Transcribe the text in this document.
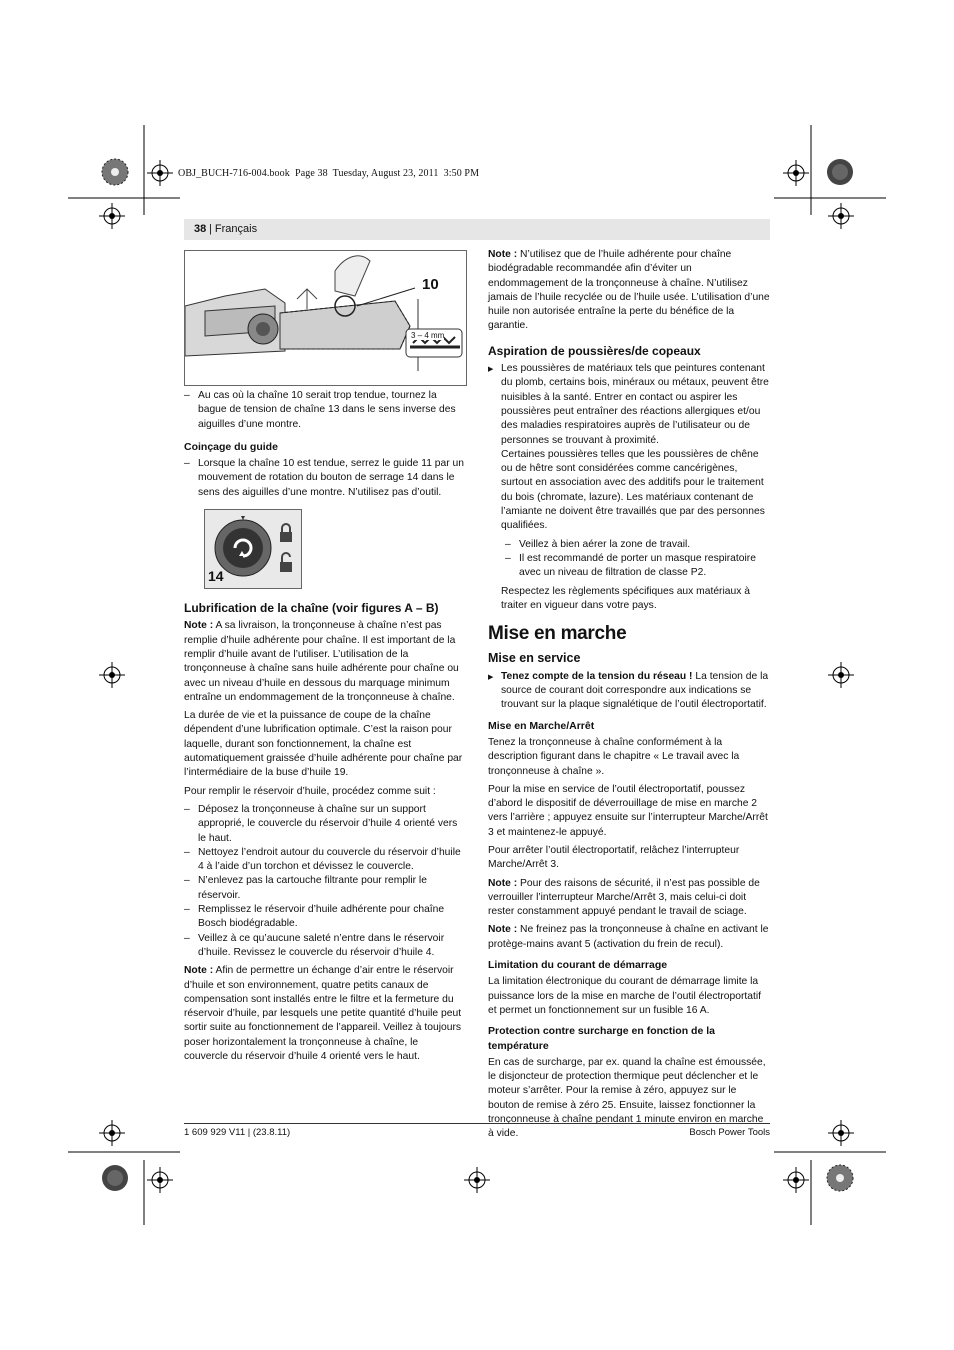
OBJ_BUCH-716-004.book  Page 38  Tuesday, August 23, 2011  3:50 PM
38 | Français
10
3 – 4 mm

– Au cas où la chaîne 10 serait trop tendue, tournez la bague de tension de chaîne 13 dans le sens inverse des aiguilles d’une montre.

Coinçage du guide

– Lorsque la chaîne 10 est tendue, serrez le guide 11 par un mouvement de rotation du bouton de serrage 14 dans le sens des aiguilles d’une montre. N’utilisez pas d’outil.

14
Lubrification de la chaîne (voir figures A – B)

Note : A sa livraison, la tronçonneuse à chaîne n’est pas remplie d’huile adhérente pour chaîne. Il est important de la remplir d’huile avant de l’utiliser. L’utilisation de la tronçonneuse à chaîne sans huile adhérente pour chaîne ou avec un niveau d’huile en dessous du marquage minimum entraîne un endommagement de la tronçonneuse à chaîne.

La durée de vie et la puissance de coupe de la chaîne dépendent d’une lubrification optimale. C’est la raison pour laquelle, durant son fonctionnement, la chaîne est automatiquement graissée d’huile adhérente pour chaîne par l’intermédiaire de la buse d’huile 19.

Pour remplir le réservoir d’huile, procédez comme suit :

– Déposez la tronçonneuse à chaîne sur un support approprié, le couvercle du réservoir d’huile 4 orienté vers le haut.

– Nettoyez l’endroit autour du couvercle du réservoir d’huile 4 à l’aide d’un torchon et dévissez le couvercle.

– N’enlevez pas la cartouche filtrante pour remplir le réservoir.

– Remplissez le réservoir d’huile adhérente pour chaîne Bosch biodégradable.

– Veillez à ce qu’aucune saleté n’entre dans le réservoir d’huile. Revissez le couvercle du réservoir d’huile 4.

Note : Afin de permettre un échange d’air entre le réservoir d’huile et son environnement, quatre petits canaux de compensation sont installés entre le filtre et la fermeture du réservoir d’huile, par lesquels une petite quantité d’huile peut sortir suite au fonctionnement de l’appareil. Veillez à toujours poser horizontalement la tronçonneuse à chaîne, le couvercle du réservoir d’huile 4 orienté vers le haut.

Note : N’utilisez que de l’huile adhérente pour chaîne biodégradable recommandée afin d’éviter un endommagement de la tronçonneuse à chaîne. N’utilisez jamais de l’huile recyclée ou de l’huile usée. L’utilisation d’une huile non autorisée entraîne la perte du bénéfice de la garantie.

Aspiration de poussières/de copeaux

▶ Les poussières de matériaux tels que peintures contenant du plomb, certains bois, minéraux ou métaux, peuvent être nuisibles à la santé. Entrer en contact ou aspirer les poussières peut entraîner des réactions allergiques et/ou des maladies respiratoires auprès de l’utilisateur ou de personnes se trouvant à proximité.

Certaines poussières telles que les poussières de chêne ou de hêtre sont considérées comme cancérigènes, surtout en association avec des additifs pour le traitement du bois (chromate, lazure). Les matériaux contenant de l’amiante ne doivent être travaillés que par des personnes qualifiées.

– Veillez à bien aérer la zone de travail.

– Il est recommandé de porter un masque respiratoire avec un niveau de filtration de classe P2.

Respectez les règlements spécifiques aux matériaux à traiter en vigueur dans votre pays.

Mise en marche
Mise en service

▶ Tenez compte de la tension du réseau ! La tension de la source de courant doit correspondre aux indications se trouvant sur la plaque signalétique de l’outil électroportatif.

Mise en Marche/Arrêt

Tenez la tronçonneuse à chaîne conformément à la description figurant dans le chapitre « Le travail avec la tronçonneuse à chaîne ».

Pour la mise en service de l’outil électroportatif, poussez d’abord le dispositif de déverrouillage de mise en marche 2 vers l’arrière ; appuyez ensuite sur l’interrupteur Marche/Arrêt 3 et maintenez-le appuyé.

Pour arrêter l’outil électroportatif, relâchez l’interrupteur Marche/Arrêt 3.

Note : Pour des raisons de sécurité, il n’est pas possible de verrouiller l’interrupteur Marche/Arrêt 3, mais celui-ci doit rester constamment appuyé pendant le travail de sciage.

Note : Ne freinez pas la tronçonneuse à chaîne en activant le protège-mains avant 5 (activation du frein de recul).

Limitation du courant de démarrage

La limitation électronique du courant de démarrage limite la puissance lors de la mise en marche de l’outil électroportatif et permet un fonctionnement sur un fusible 16 A.

Protection contre surcharge en fonction de la température

En cas de surcharge, par ex. quand la chaîne est émoussée, le disjoncteur de protection thermique peut déclencher et le moteur s’arrêter. Pour la remise à zéro, appuyez sur le bouton de remise à zéro 25. Ensuite, laissez fonctionner la tronçonneuse à chaîne pendant 1 minute environ en marche à vide.

1 609 929 V11 | (23.8.11)	Bosch Power Tools
